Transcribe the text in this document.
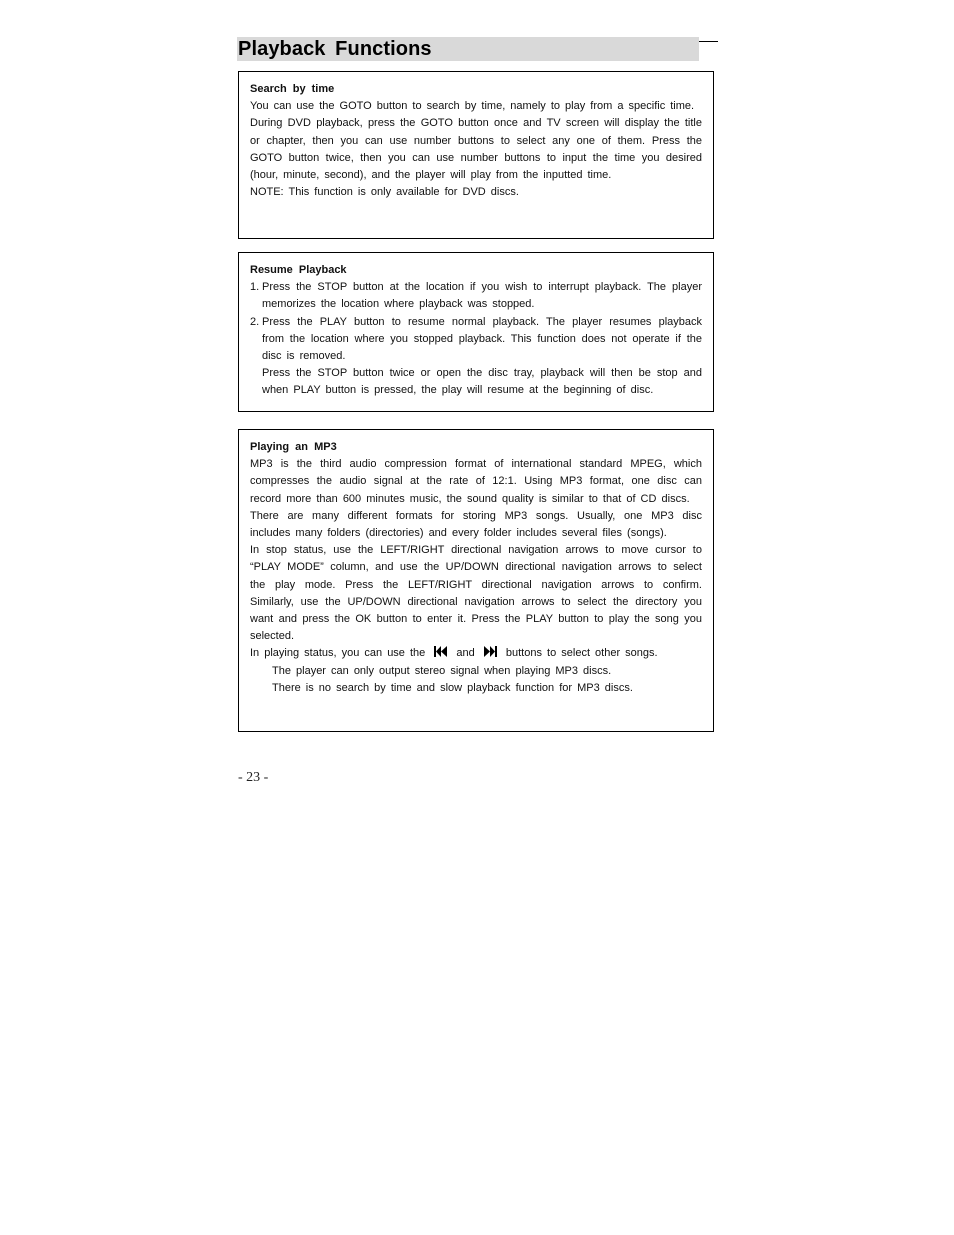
Playback Functions
Search by time

You can use the GOTO button to search by time, namely to play from a specific time.

During DVD playback, press the GOTO button once and TV screen will display the title or chapter, then you can use number buttons to select any one of them. Press the GOTO button twice, then you can use number buttons to input the time you desired (hour, minute, second), and the player will play from the inputted time.

NOTE: This function is only available for DVD discs.

Resume Playback
1. Press the STOP button at the location if you wish to interrupt playback. The player memorizes the location where playback was stopped.
2. Press the PLAY button to resume normal playback. The player resumes playback from the location where you stopped playback. This function does not operate if the disc is removed.

Press the STOP button twice or open the disc tray, playback will then be stop and when PLAY button is pressed, the play will resume at the beginning of disc.

Playing an MP3

MP3 is the third audio compression format of international standard MPEG, which compresses the audio signal at the rate of 12:1. Using MP3 format, one disc can record more than 600 minutes music, the sound quality is similar to that of CD discs.

There are many different formats for storing MP3 songs. Usually, one MP3 disc includes many folders (directories) and every folder includes several files (songs).

In stop status, use the LEFT/RIGHT directional navigation arrows to move cursor to “PLAY MODE” column, and use the UP/DOWN directional navigation arrows to select the play mode. Press the LEFT/RIGHT directional navigation arrows to confirm. Similarly, use the UP/DOWN directional navigation arrows to select the directory you want and press the OK button to enter it. Press the PLAY button to play the song you selected.

In playing status, you can use the	and	buttons to select other songs.

The player can only output stereo signal when playing MP3 discs.

There is no search by time and slow playback function for MP3 discs.

- 23 -
